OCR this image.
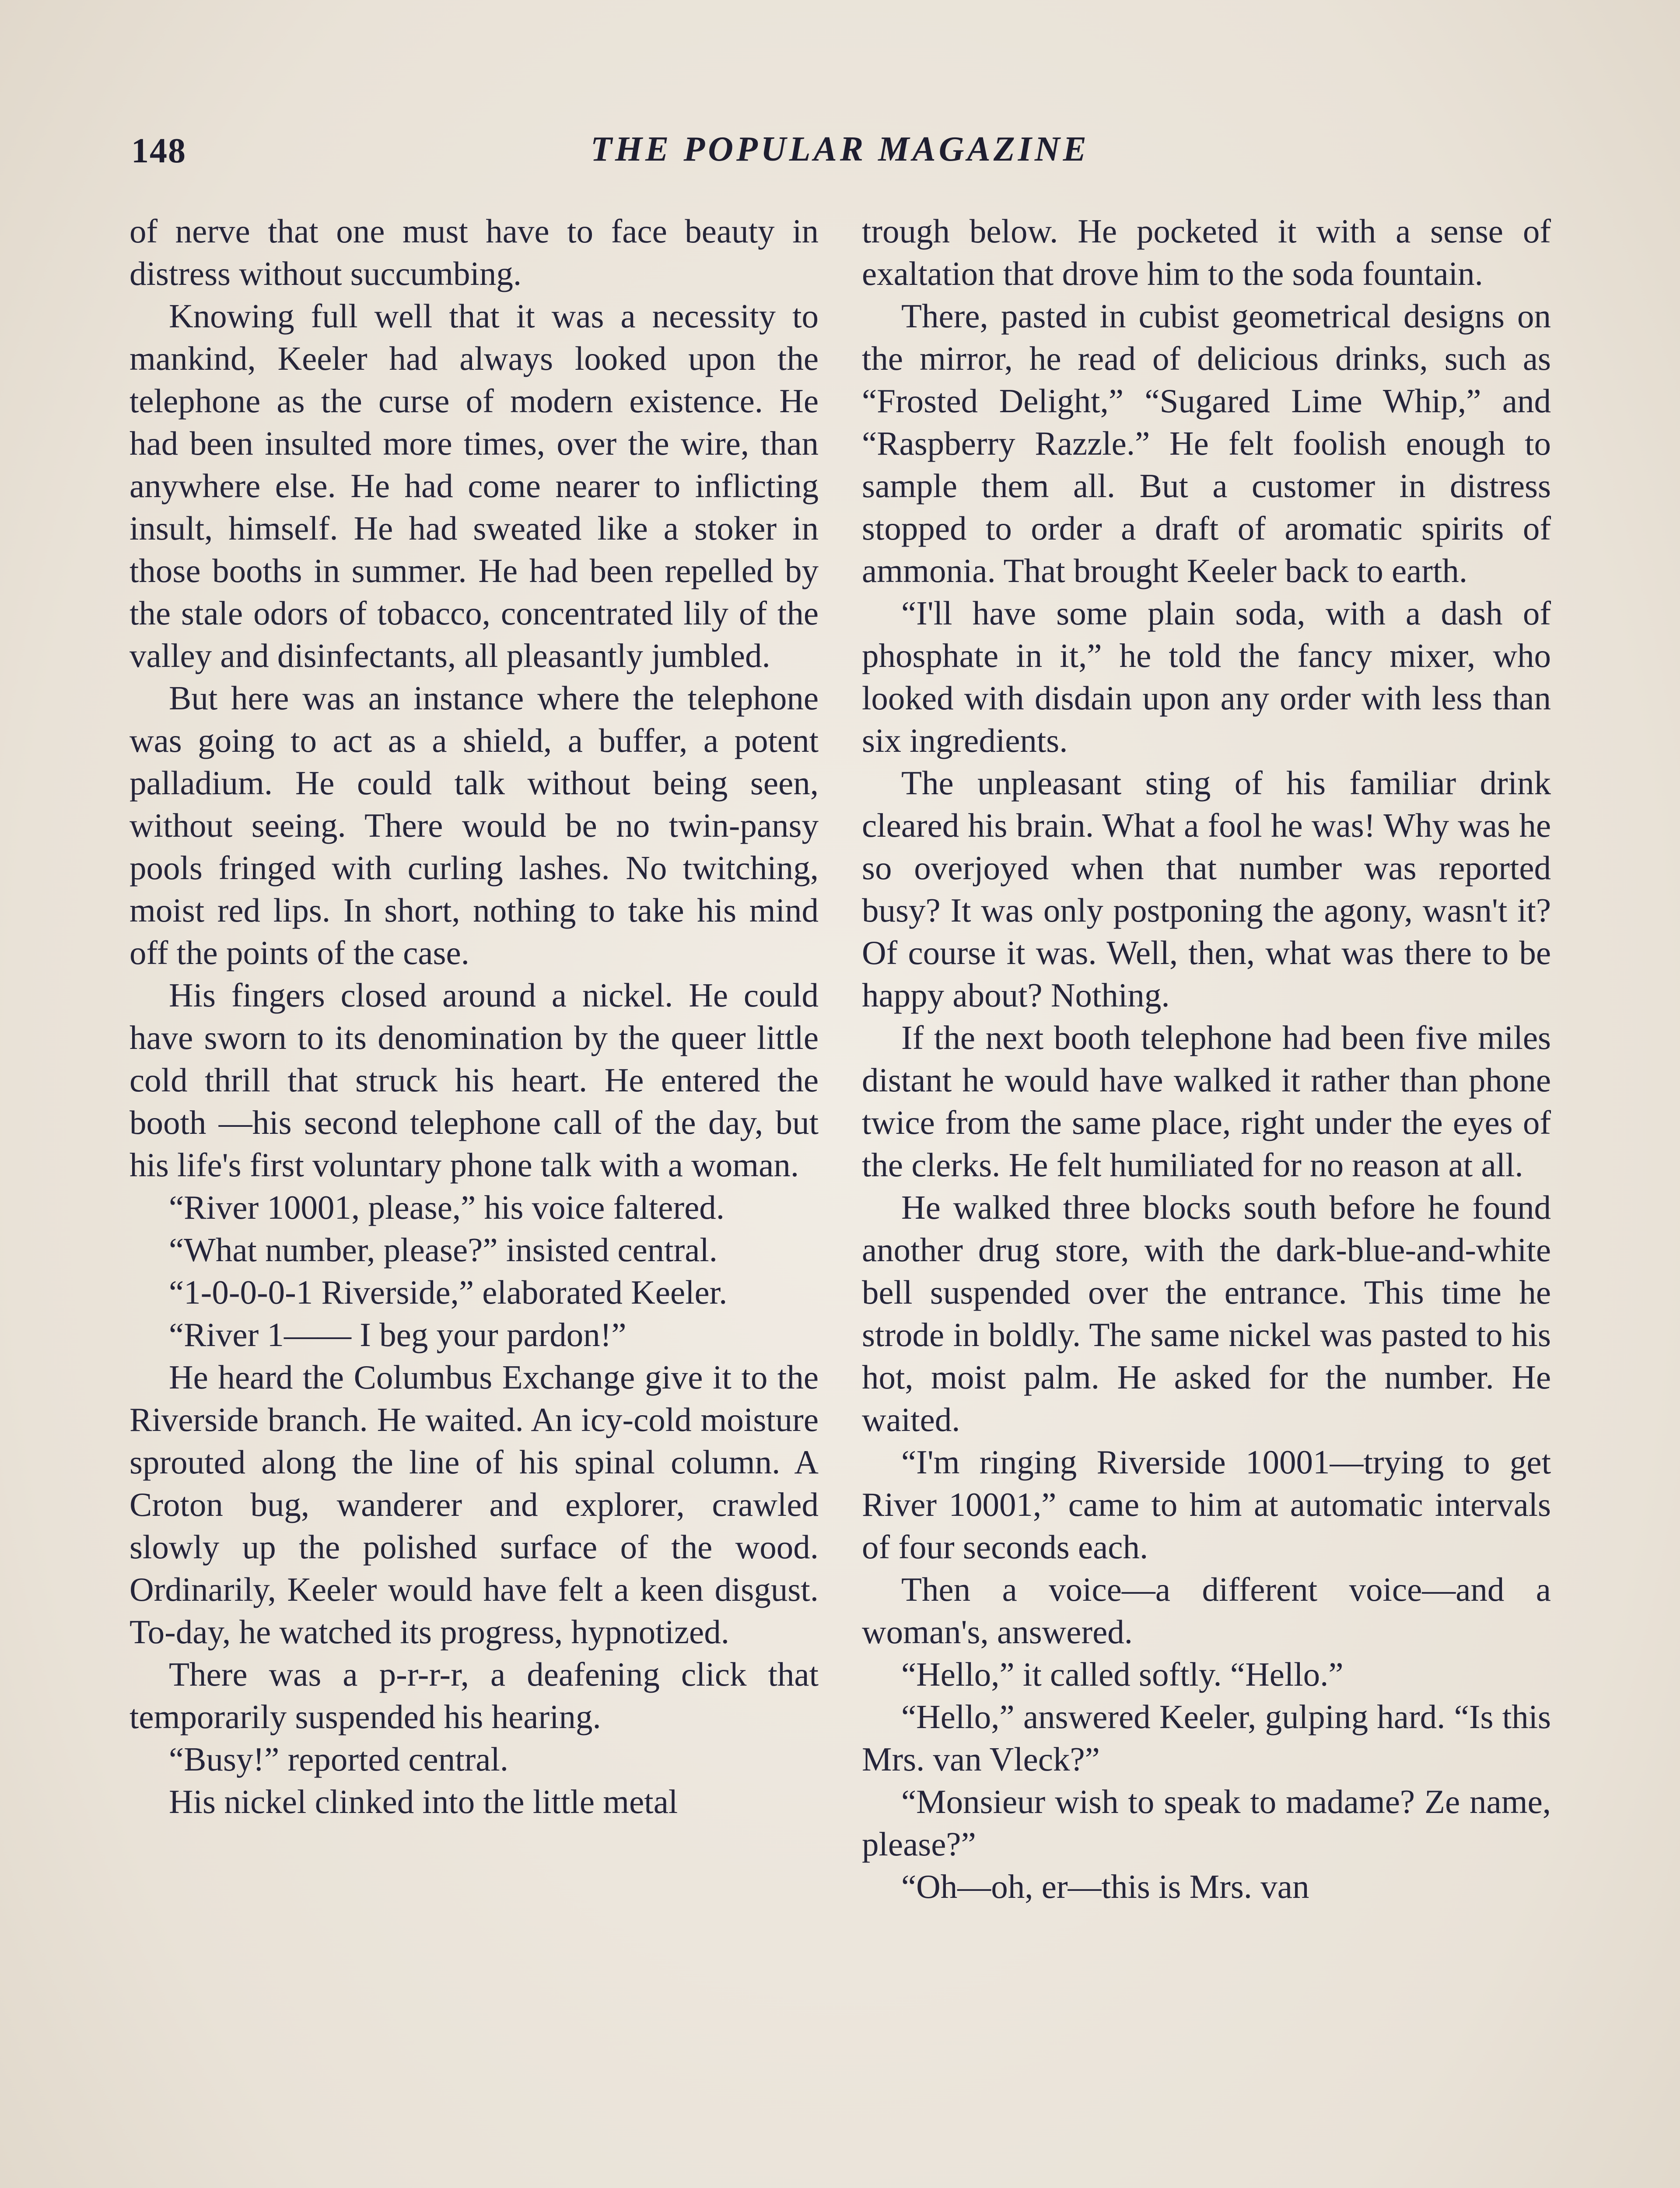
148	THE POPULAR MAGAZINE

of nerve that one must have to face beauty in distress without succumbing.

Knowing full well that it was a necessity to mankind, Keeler had always looked upon the telephone as the curse of modern existence. He had been insulted more times, over the wire, than anywhere else. He had come nearer to inflicting insult, himself. He had sweated like a stoker in those booths in summer. He had been repelled by the stale odors of tobacco, concentrated lily of the valley and disinfectants, all pleasantly jumbled.

But here was an instance where the telephone was going to act as a shield, a buffer, a potent palladium. He could talk without being seen, without seeing. There would be no twin-pansy pools fringed with curling lashes. No twitching, moist red lips. In short, nothing to take his mind off the points of the case.

His fingers closed around a nickel. He could have sworn to its denomination by the queer little cold thrill that struck his heart. He entered the booth —his second telephone call of the day, but his life's first voluntary phone talk with a woman.

“River 10001, please,” his voice faltered.

“What number, please?” insisted central.

“1-0-0-0-1 Riverside,” elaborated Keeler.

“River 1—— I beg your pardon!”

He heard the Columbus Exchange give it to the Riverside branch. He waited. An icy-cold moisture sprouted along the line of his spinal column. A Croton bug, wanderer and explorer, crawled slowly up the polished surface of the wood. Ordinarily, Keeler would have felt a keen disgust. To-day, he watched its progress, hypnotized.

There was a p-r-r-r, a deafening click that temporarily suspended his hearing.

“Busy!” reported central.

His nickel clinked into the little metal

trough below. He pocketed it with a sense of exaltation that drove him to the soda fountain.

There, pasted in cubist geometrical designs on the mirror, he read of delicious drinks, such as “Frosted Delight,” “Sugared Lime Whip,” and “Raspberry Razzle.” He felt foolish enough to sample them all. But a customer in distress stopped to order a draft of aromatic spirits of ammonia. That brought Keeler back to earth.

“I'll have some plain soda, with a dash of phosphate in it,” he told the fancy mixer, who looked with disdain upon any order with less than six ingredients.

The unpleasant sting of his familiar drink cleared his brain. What a fool he was! Why was he so overjoyed when that number was reported busy? It was only postponing the agony, wasn't it? Of course it was. Well, then, what was there to be happy about? Nothing.

If the next booth telephone had been five miles distant he would have walked it rather than phone twice from the same place, right under the eyes of the clerks. He felt humiliated for no reason at all.

He walked three blocks south before he found another drug store, with the dark-blue-and-white bell suspended over the entrance. This time he strode in boldly. The same nickel was pasted to his hot, moist palm. He asked for the number. He waited.

“I'm ringing Riverside 10001—trying to get River 10001,” came to him at automatic intervals of four seconds each.

Then a voice—a different voice—and a woman's, answered.

“Hello,” it called softly. “Hello.”

“Hello,” answered Keeler, gulping hard. “Is this Mrs. van Vleck?”

“Monsieur wish to speak to madame? Ze name, please?”

“Oh—oh, er—this is Mrs. van
